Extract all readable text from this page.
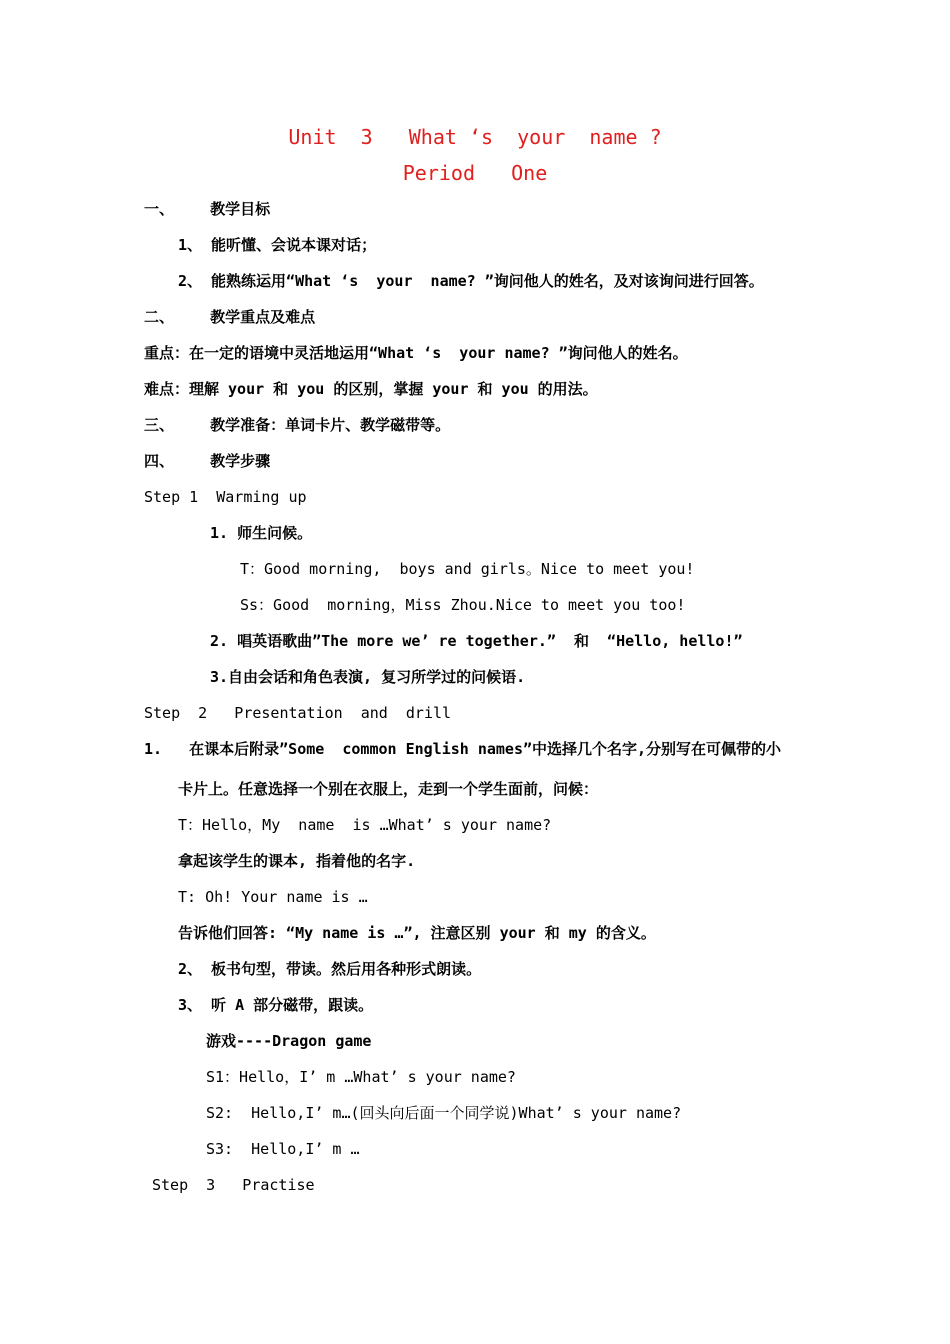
Unit  3   What ‘s  your  name ?
Period   One
一、    教学目标
1、 能听懂、会说本课对话；
2、 能熟练运用“What ‘s  your  name? ”询问他人的姓名，及对该询问进行回答。
二、    教学重点及难点
重点：在一定的语境中灵活地运用“What ‘s  your name? ”询问他人的姓名。
难点：理解 your 和 you 的区别，掌握 your 和 you 的用法。
三、    教学准备：单词卡片、教学磁带等。
四、    教学步骤
Step 1  Warming up
1. 师生问候。
T：Good morning,  boys and girls。Nice to meet you!
Ss：Good  morning，Miss Zhou.Nice to meet you too!
2. 唱英语歌曲”The more we’ re together.”  和  “Hello, hello!”
3.自由会话和角色表演, 复习所学过的问候语.
Step  2   Presentation  and  drill
1.   在课本后附录”Some  common English names”中选择几个名字,分别写在可佩带的小
卡片上。任意选择一个别在衣服上，走到一个学生面前，问候：
T：Hello，My  name  is …What’ s your name?
拿起该学生的课本, 指着他的名字.
T: Oh! Your name is …
告诉他们回答: “My name is …”, 注意区别 your 和 my 的含义。
2、 板书句型，带读。然后用各种形式朗读。
3、 听 A 部分磁带，跟读。
游戏----Dragon game
S1：Hello，I’ m …What’ s your name?
S2:  Hello,I’ m…(回头向后面一个同学说)What’ s your name?
S3:  Hello,I’ m …
Step  3   Practise
